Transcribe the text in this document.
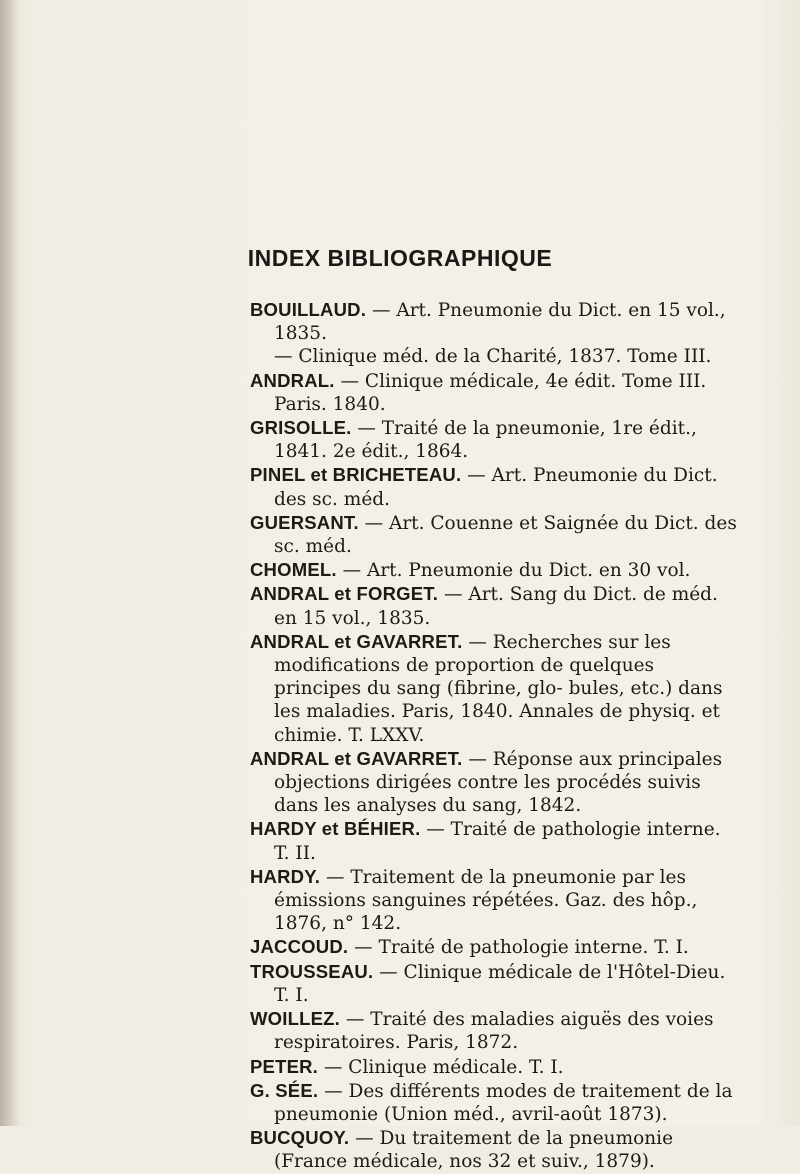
INDEX BIBLIOGRAPHIQUE

BOUILLAUD. — Art. Pneumonie du Dict. en 15 vol., 1835.

— Clinique méd. de la Charité, 1837. Tome III.

ANDRAL. — Clinique médicale, 4e édit. Tome III. Paris. 1840.

GRISOLLE. — Traité de la pneumonie, 1re édit., 1841. 2e édit., 1864.

PINEL et BRICHETEAU. — Art. Pneumonie du Dict. des sc. méd.

GUERSANT. — Art. Couenne et Saignée du Dict. des sc. méd.

CHOMEL. — Art. Pneumonie du Dict. en 30 vol.

ANDRAL et FORGET. — Art. Sang du Dict. de méd. en 15 vol., 1835.

ANDRAL et GAVARRET. — Recherches sur les modifications de proportion de quelques principes du sang (fibrine, glo- bules, etc.) dans les maladies. Paris, 1840. Annales de physiq. et chimie. T. LXXV.

ANDRAL et GAVARRET. — Réponse aux principales objections dirigées contre les procédés suivis dans les analyses du sang, 1842.

HARDY et BÉHIER. — Traité de pathologie interne. T. II.

HARDY. — Traitement de la pneumonie par les émissions sanguines répétées. Gaz. des hôp., 1876, n° 142.

JACCOUD. — Traité de pathologie interne. T. I.

TROUSSEAU. — Clinique médicale de l'Hôtel-Dieu. T. I.

WOILLEZ. — Traité des maladies aiguës des voies respiratoires. Paris, 1872.

PETER. — Clinique médicale. T. I.

G. SÉE. — Des différents modes de traitement de la pneumonie (Union méd., avril-août 1873).

BUCQUOY. — Du traitement de la pneumonie (France médicale, nos 32 et suiv., 1879).
